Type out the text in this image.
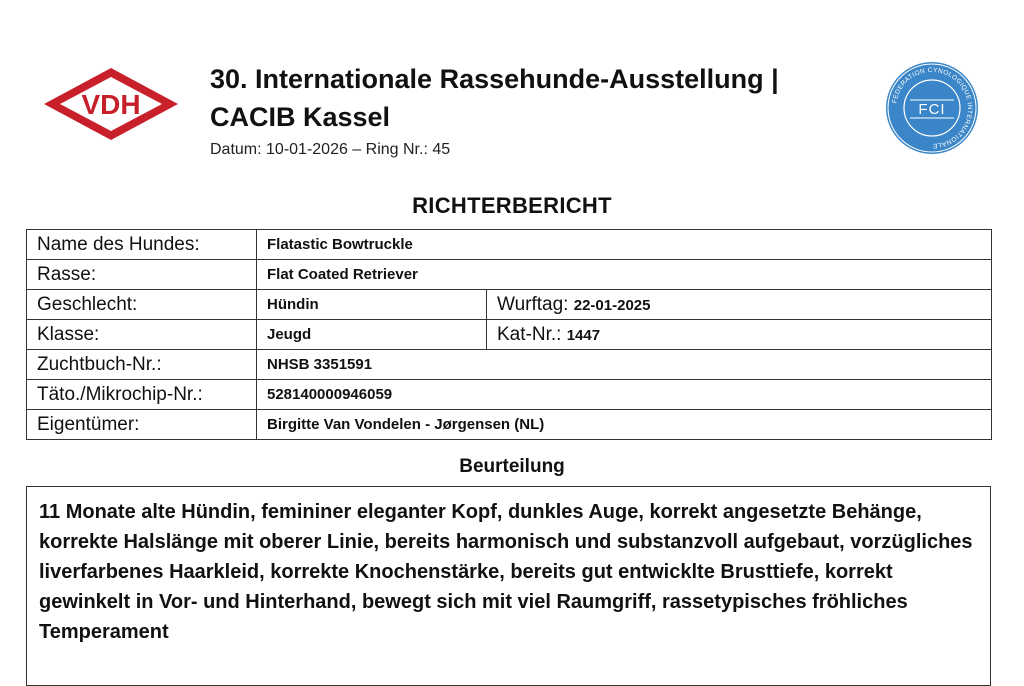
VDH	FEDERATION CYNOLOGIQUE INTERNATIONALE
FCI
30. Internationale Rassehunde-Ausstellung | CACIB Kassel
Datum: 10-01-2026 – Ring Nr.: 45
RICHTERBERICHT
Name des Hundes:	Flatastic Bowtruckle	
Rasse:	Flat Coated Retriever	
Geschlecht:	Hündin	Wurftag: 22-01-2025
Klasse:	Jeugd	Kat-Nr.: 1447
Zuchtbuch-Nr.:	NHSB 3351591	
Täto./Mikrochip-Nr.:	528140000946059	
Eigentümer:	Birgitte Van Vondelen - Jørgensen (NL)	
Beurteilung
11 Monate alte Hündin, femininer eleganter Kopf, dunkles Auge, korrekt angesetzte Behänge, korrekte Halslänge mit oberer Linie, bereits harmonisch und substanzvoll aufgebaut, vorzügliches liverfarbenes Haarkleid, korrekte Knochenstärke, bereits gut entwicklte Brusttiefe, korrekt gewinkelt in Vor- und Hinterhand, bewegt sich mit viel Raumgriff, rassetypisches fröhliches Temperament
